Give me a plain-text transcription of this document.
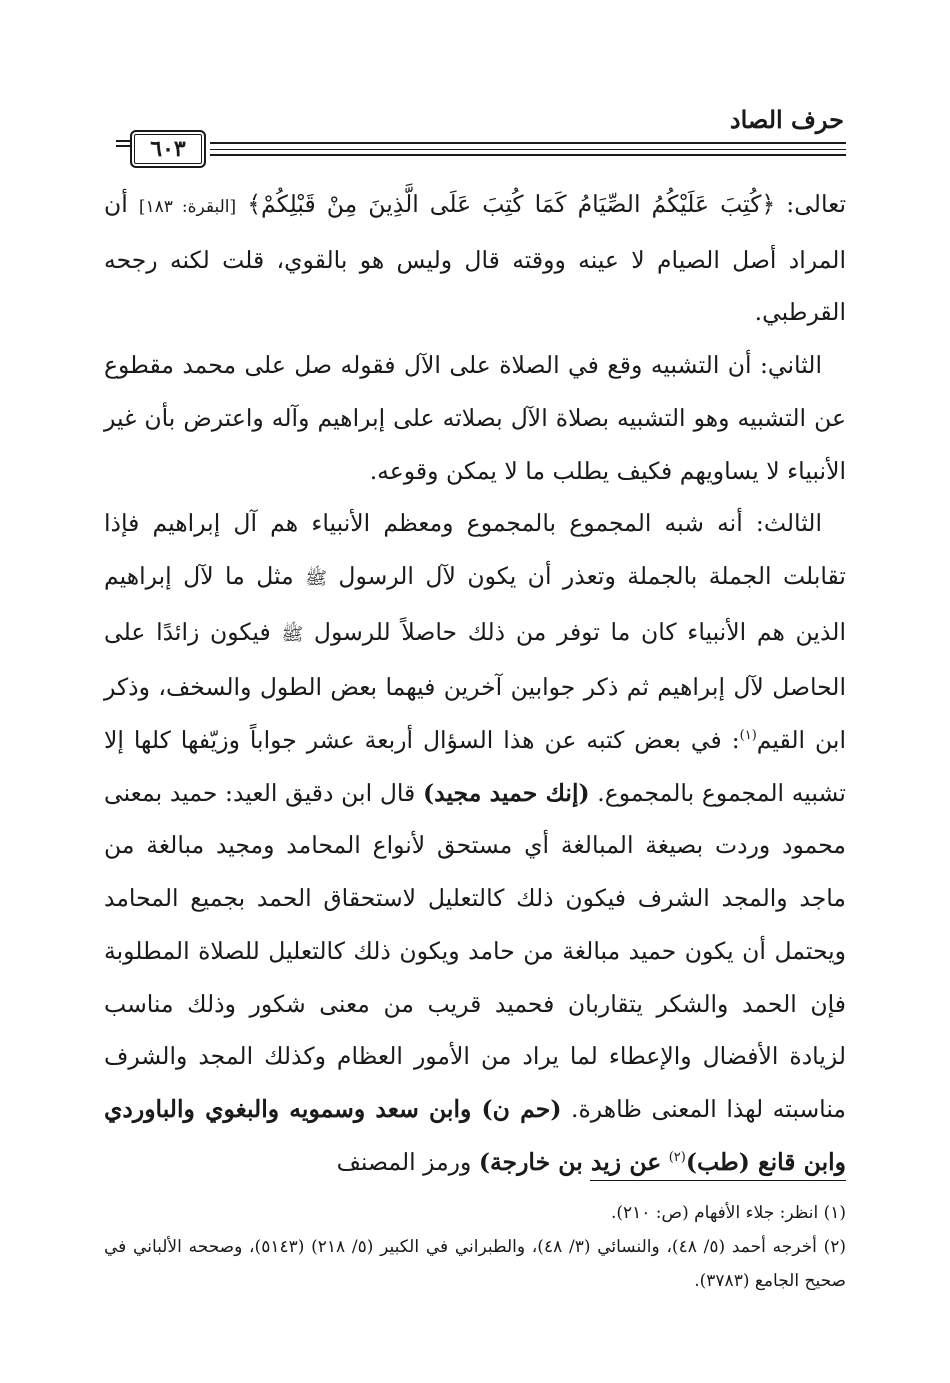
حرف الصاد
٦٠٣

تعالى: ﴿كُتِبَ عَلَيْكُمُ الصِّيَامُ كَمَا كُتِبَ عَلَى الَّذِينَ مِنْ قَبْلِكُمْ﴾ [البقرة: ١٨٣] أن المراد أصل الصيام لا عينه ووقته قال وليس هو بالقوي، قلت لكنه رجحه القرطبي.

الثاني: أن التشبيه وقع في الصلاة على الآل فقوله صل على محمد مقطوع عن التشبيه وهو التشبيه بصلاة الآل بصلاته على إبراهيم وآله واعترض بأن غير الأنبياء لا يساويهم فكيف يطلب ما لا يمكن وقوعه.

الثالث: أنه شبه المجموع بالمجموع ومعظم الأنبياء هم آل إبراهيم فإذا تقابلت الجملة بالجملة وتعذر أن يكون لآل الرسول ﷺ مثل ما لآل إبراهيم الذين هم الأنبياء كان ما توفر من ذلك حاصلاً للرسول ﷺ فيكون زائدًا على الحاصل لآل إبراهيم ثم ذكر جوابين آخرين فيهما بعض الطول والسخف، وذكر ابن القيم$^{(١)}$: في بعض كتبه عن هذا السؤال أربعة عشر جواباً وزيّفها كلها إلا تشبيه المجموع بالمجموع. (إنك حميد مجيد) قال ابن دقيق العيد: حميد بمعنى محمود وردت بصيغة المبالغة أي مستحق لأنواع المحامد ومجيد مبالغة من ماجد والمجد الشرف فيكون ذلك كالتعليل لاستحقاق الحمد بجميع المحامد ويحتمل أن يكون حميد مبالغة من حامد ويكون ذلك كالتعليل للصلاة المطلوبة فإن الحمد والشكر يتقاربان فحميد قريب من معنى شكور وذلك مناسب لزيادة الأفضال والإعطاء لما يراد من الأمور العظام وكذلك المجد والشرف مناسبته لهذا المعنى ظاهرة. (حم ن) وابن سعد وسمويه والبغوي والباوردي وابن قانع (طب)$^{(٢)}$ عن زيد بن خارجة) ورمز المصنف

(١) انظر: جلاء الأفهام (ص: ٢١٠).

(٢) أخرجه أحمد (٥/ ٤٨)، والنسائي (٣/ ٤٨)، والطبراني في الكبير (٥/ ٢١٨) (٥١٤٣)، وصححه الألباني في صحيح الجامع (٣٧٨٣).
